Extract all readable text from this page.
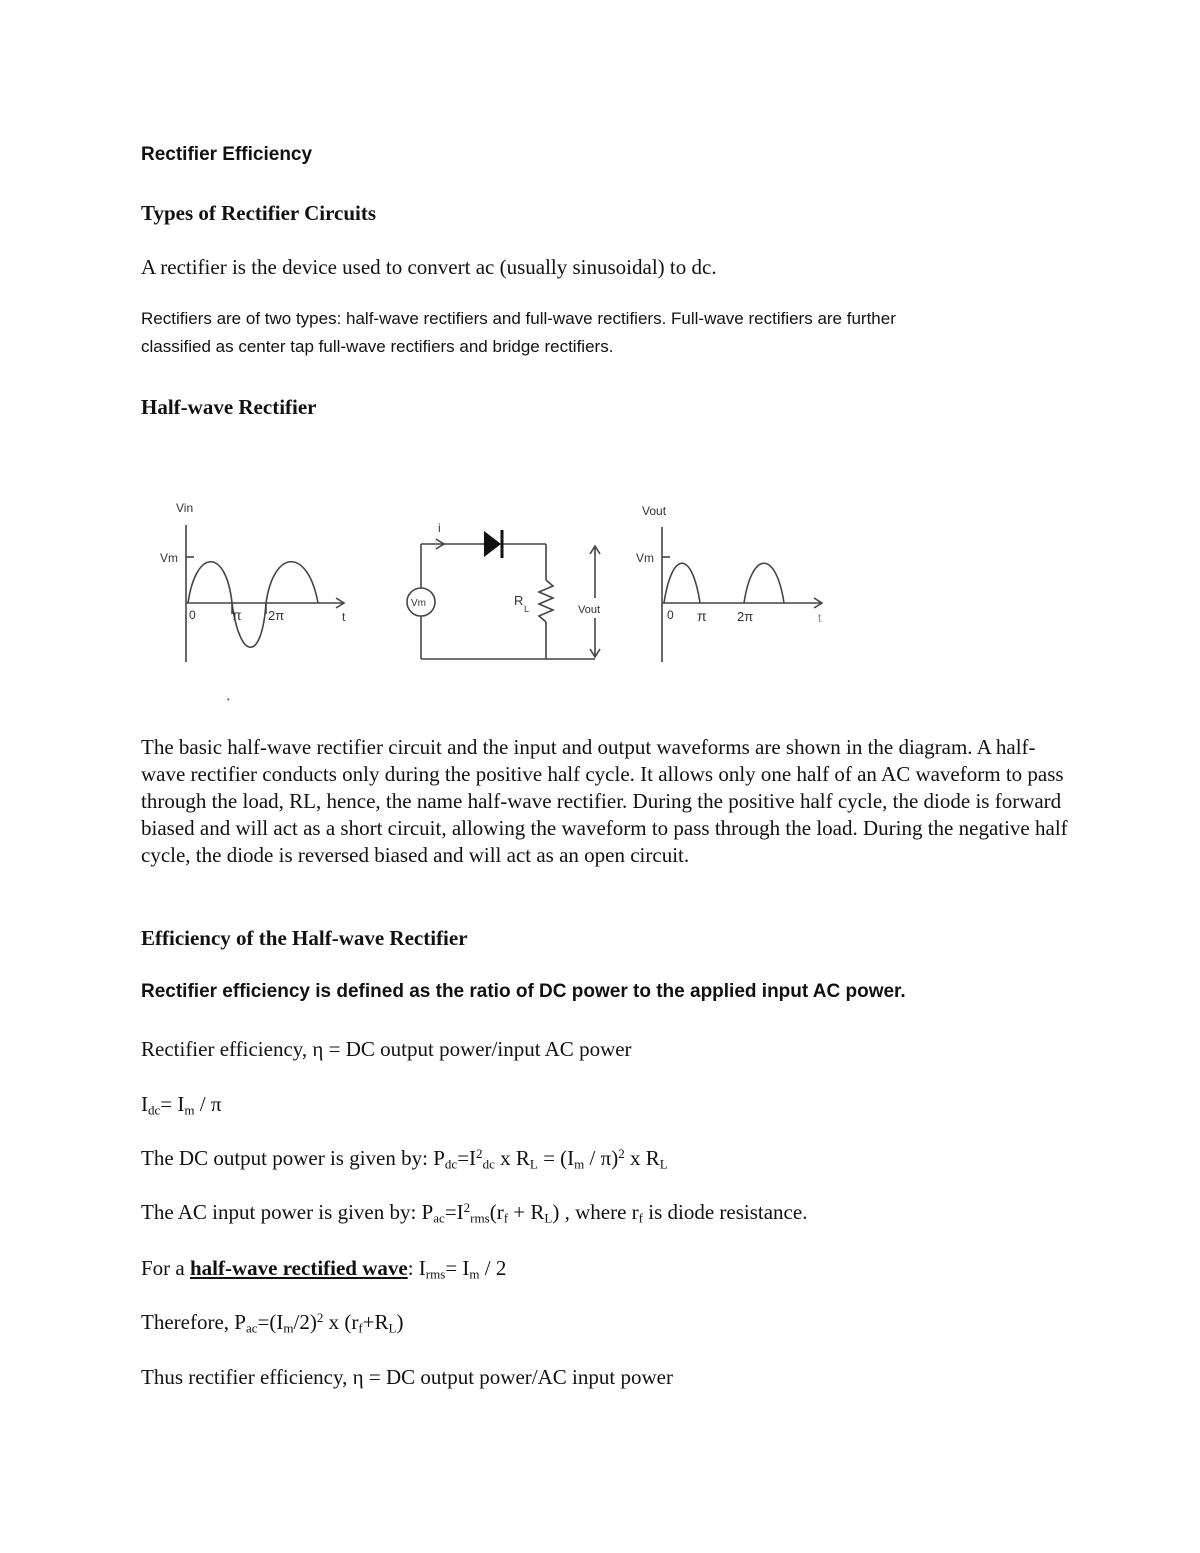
Rectifier Efficiency

Types of Rectifier Circuits

A rectifier is the device used to convert ac (usually sinusoidal) to dc.

Rectifiers are of two types: half-wave rectifiers and full-wave rectifiers. Full-wave rectifiers are further

classified as center tap full-wave rectifiers and bridge rectifiers.

Half-wave Rectifier

Vin
Vm
0	π 2π	t
i
Vm	R
L	Vout
Vout
Vm
0 π 2π	t
•

The basic half-wave rectifier circuit and the input and output waveforms are shown in the diagram. A half-wave rectifier conducts only during the positive half cycle. It allows only one half of an AC waveform to pass through the load, RL, hence, the name half-wave rectifier. During the positive half cycle, the diode is forward biased and will act as a short circuit, allowing the waveform to pass through the load. During the negative half cycle, the diode is reversed biased and will act as an open circuit.

Efficiency of the Half-wave Rectifier

Rectifier efficiency is defined as the ratio of DC power to the applied input AC power.

Rectifier efficiency, η = DC output power/input AC power

$I_{dc}= I_m / \pi$

The DC output power is given by: $P_{dc}=I^2_{dc}$ x $R_L = (I_m / \pi)^2$ x $R_L$

The AC input power is given by: $P_{ac}=I^2_{rms}(r_f + R_L)$ , where $r_f$ is diode resistance.

For a half-wave rectified wave: $I_{rms}= I_m / 2$

Therefore, $P_{ac}=(I_m/2)^2$ x $(r_f+R_L)$

Thus rectifier efficiency, η = DC output power/AC input power
